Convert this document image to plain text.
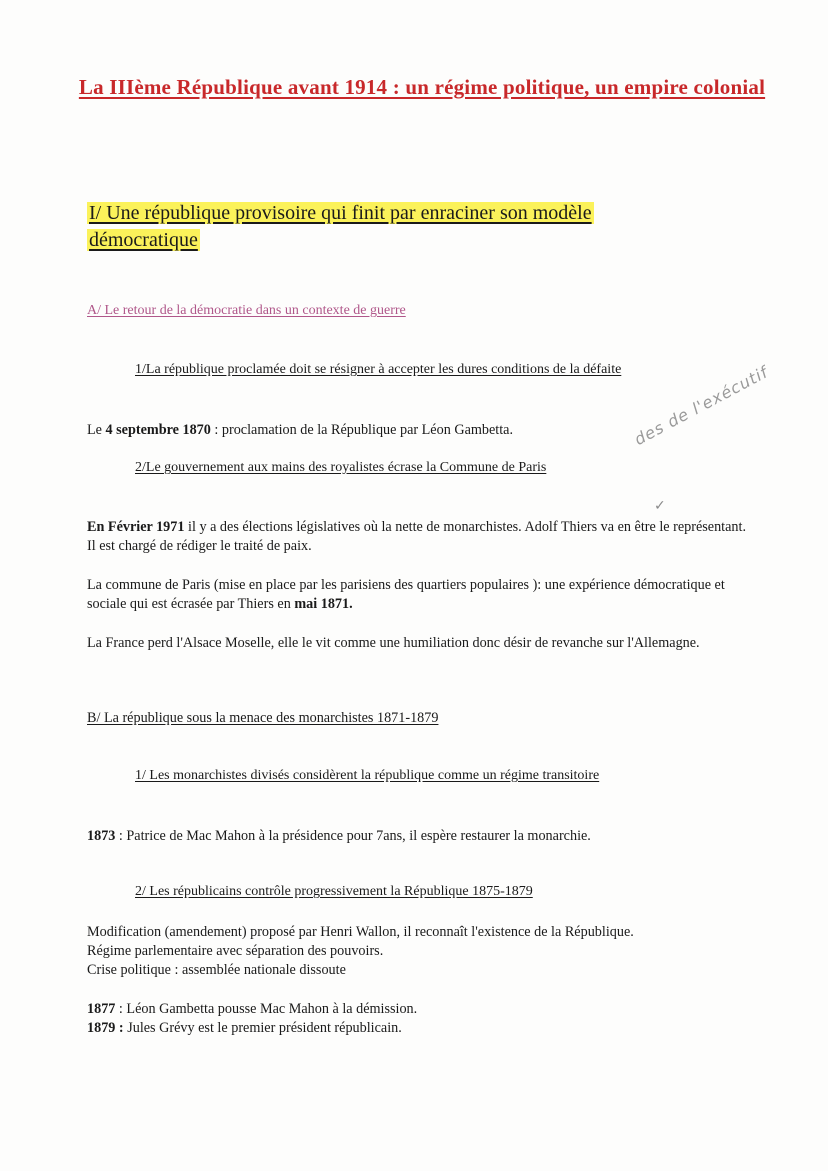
La IIIème République avant 1914 : un régime politique, un empire colonial
I/ Une république provisoire qui finit par enraciner son modèle démocratique
A/ Le retour de la démocratie dans un contexte de guerre
1/La république proclamée doit se résigner à accepter les dures conditions de la défaite
Le 4 septembre 1870 : proclamation de la République par Léon Gambetta.
2/Le gouvernement aux mains des royalistes écrase la Commune de Paris
des de l'exécutif
✓
En Février 1971 il y a des élections législatives où la nette de monarchistes. Adolf Thiers va en être le représentant. Il est chargé de rédiger le traité de paix.
La commune de Paris (mise en place par les parisiens des quartiers populaires ): une expérience démocratique et sociale qui est écrasée par Thiers en mai 1871.
La France perd l'Alsace Moselle, elle le vit comme une humiliation donc désir de revanche sur l'Allemagne.
B/ La république sous la menace des monarchistes 1871-1879
1/ Les monarchistes divisés considèrent la république comme un régime transitoire
1873 : Patrice de Mac Mahon à la présidence pour 7ans, il espère restaurer la monarchie.
2/ Les républicains contrôle progressivement la République 1875-1879
Modification (amendement) proposé par Henri Wallon, il reconnaît l'existence de la République.
Régime parlementaire avec séparation des pouvoirs.
Crise politique : assemblée nationale dissoute
1877 : Léon Gambetta pousse Mac Mahon à la démission.
1879 : Jules Grévy est le premier président républicain.
